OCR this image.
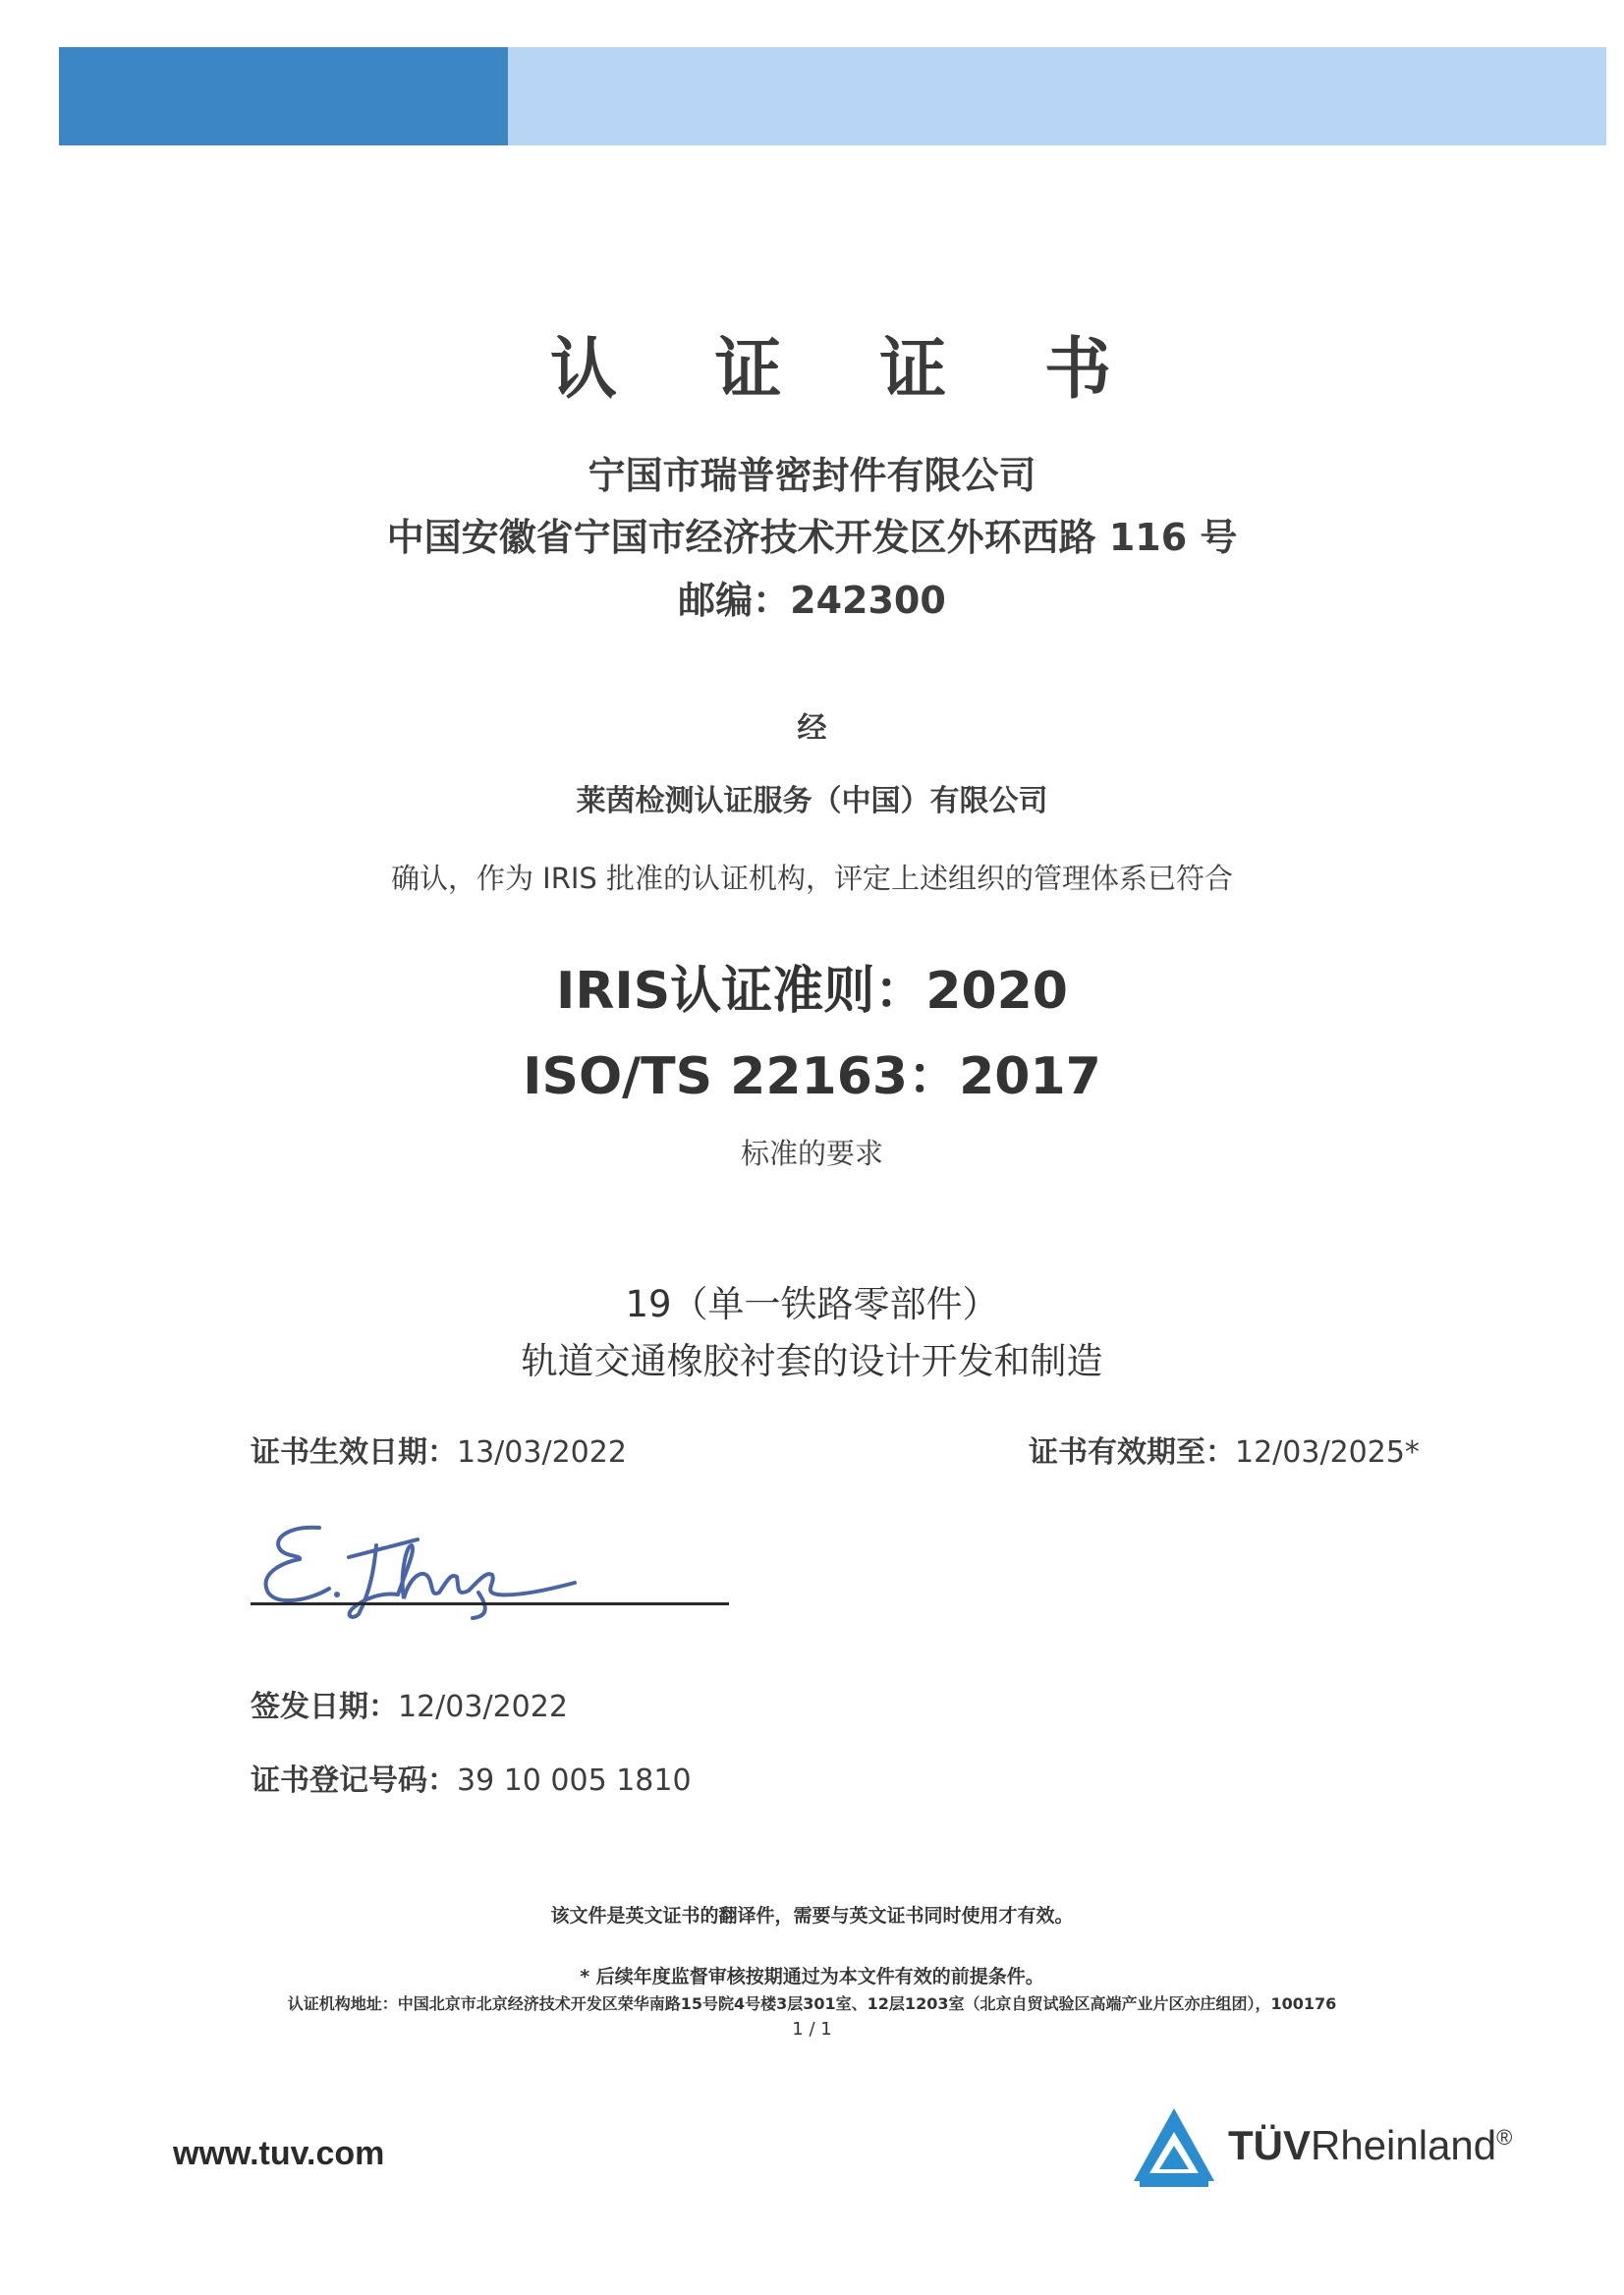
认 证 证 书
宁国市瑞普密封件有限公司
中国安徽省宁国市经济技术开发区外环西路 116 号
邮编：242300
经
莱茵检测认证服务（中国）有限公司
确认，作为 IRIS 批准的认证机构，评定上述组织的管理体系已符合
IRIS认证准则：2020
ISO/TS 22163：2017
标准的要求
19（单一铁路零部件）
轨道交通橡胶衬套的设计开发和制造
证书生效日期：13/03/2022	证书有效期至：12/03/2025*
签发日期：12/03/2022
证书登记号码：39 10 005 1810
该文件是英文证书的翻译件，需要与英文证书同时使用才有效。
* 后续年度监督审核按期通过为本文件有效的前提条件。
认证机构地址：中国北京市北京经济技术开发区荣华南路15号院4号楼3层301室、12层1203室（北京自贸试验区高端产业片区亦庄组团），100176
1 / 1
www.tuv.com	TÜVRheinland®
